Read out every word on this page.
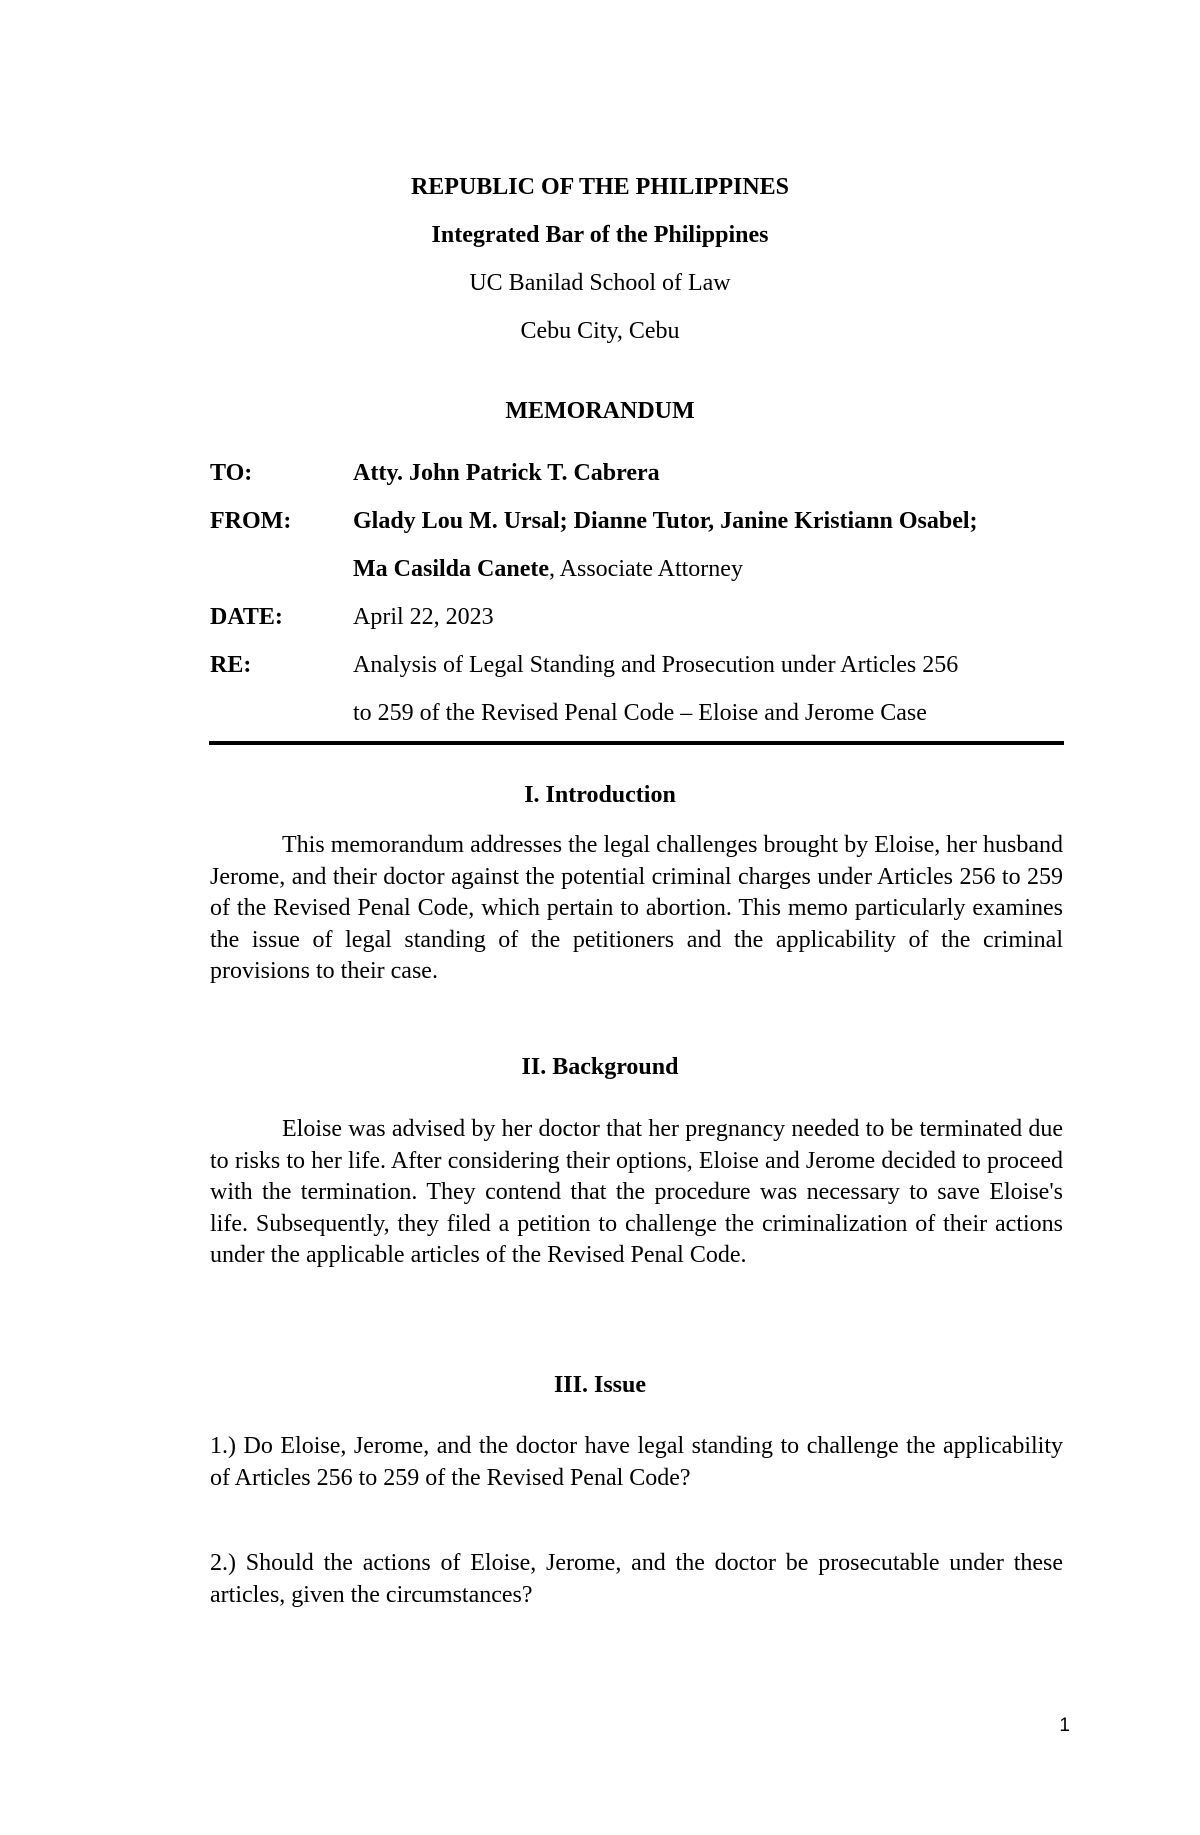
REPUBLIC OF THE PHILIPPINES
Integrated Bar of the Philippines
UC Banilad School of Law
Cebu City, Cebu
MEMORANDUM
TO:	Atty. John Patrick T. Cabrera
FROM:	Glady Lou M. Ursal; Dianne Tutor, Janine Kristiann Osabel;
Ma Casilda Canete, Associate Attorney
DATE:	April 22, 2023
RE:	Analysis of Legal Standing and Prosecution under Articles 256
to 259 of the Revised Penal Code – Eloise and Jerome Case
I. Introduction
This memorandum addresses the legal challenges brought by Eloise, her husband Jerome, and their doctor against the potential criminal charges under Articles 256 to 259 of the Revised Penal Code, which pertain to abortion. This memo particularly examines the issue of legal standing of the petitioners and the applicability of the criminal provisions to their case.
II. Background
Eloise was advised by her doctor that her pregnancy needed to be terminated due to risks to her life. After considering their options, Eloise and Jerome decided to proceed with the termination. They contend that the procedure was necessary to save Eloise's life. Subsequently, they filed a petition to challenge the criminalization of their actions under the applicable articles of the Revised Penal Code.
III. Issue
1.) Do Eloise, Jerome, and the doctor have legal standing to challenge the applicability of Articles 256 to 259 of the Revised Penal Code?
2.) Should the actions of Eloise, Jerome, and the doctor be prosecutable under these articles, given the circumstances?
1
